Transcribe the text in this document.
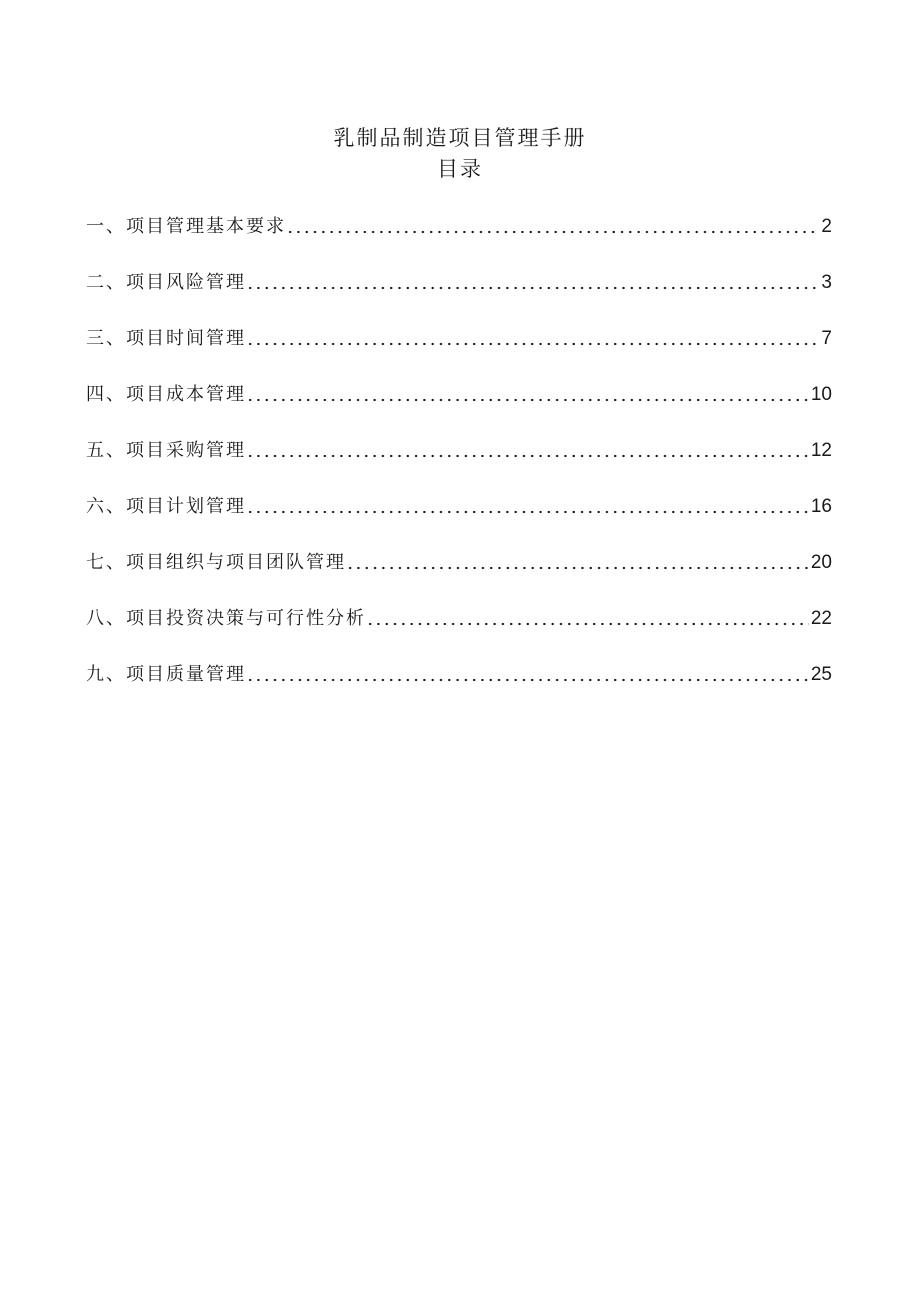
乳制品制造项目管理手册
目录
一、项目管理基本要求	2
二、项目风险管理	3
三、项目时间管理	7
四、项目成本管理	10
五、项目采购管理	12
六、项目计划管理	16
七、项目组织与项目团队管理	20
八、项目投资决策与可行性分析	22
九、项目质量管理	25
